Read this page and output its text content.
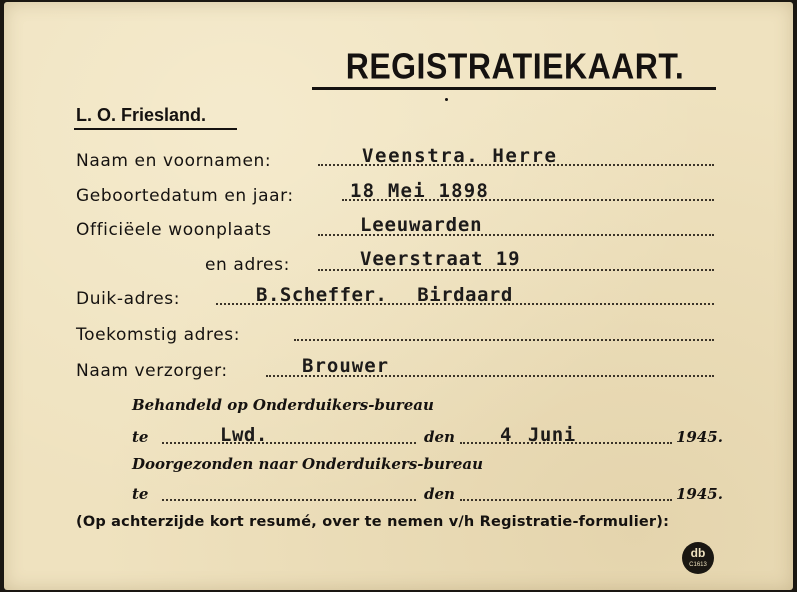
REGISTRATIEKAART.
L. O. Friesland.
Naam en voornamen:	Veenstra. Herre
Geboortedatum en jaar:	18 Mei 1898
Officiëele woonplaats	Leeuwarden
en adres:	Veerstraat 19
Duik-adres:	B.Scheffer. Birdaard
Toekomstig adres:
Naam verzorger:	Brouwer
Behandeld op Onderduikers-bureau
te	Lwd.	den 4 Juni	1945.
Doorgezonden naar Onderduikers-bureau
te	den	1945.
(Op achterzijde kort resumé, over te nemen v/h Registratie-formulier):
db
C1613
